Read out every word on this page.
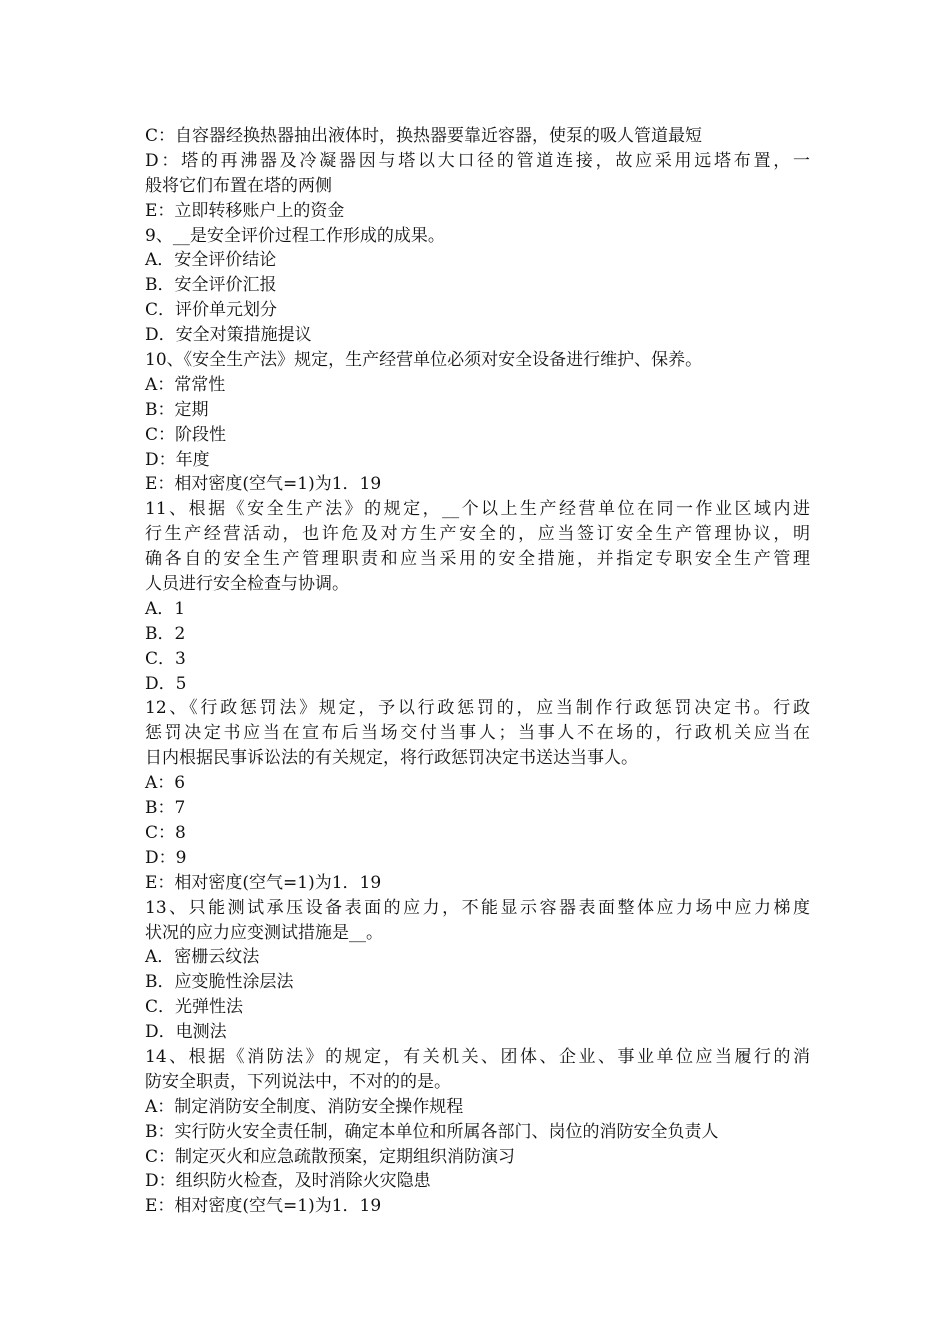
C：自容器经换热器抽出液体时，换热器要靠近容器，使泵的吸人管道最短
D：塔的再沸器及冷凝器因与塔以大口径的管道连接，故应采用远塔布置，一
般将它们布置在塔的两侧
E：立即转移账户上的资金
9、__是安全评价过程工作形成的成果。
A．安全评价结论
B．安全评价汇报
C．评价单元划分
D．安全对策措施提议
10、《安全生产法》规定，生产经营单位必须对安全设备进行维护、保养。
A：常常性
B：定期
C：阶段性
D：年度
E：相对密度(空气=1)为1．19
11、根据《安全生产法》的规定，__个以上生产经营单位在同一作业区域内进
行生产经营活动，也许危及对方生产安全的，应当签订安全生产管理协议，明
确各自的安全生产管理职责和应当采用的安全措施，并指定专职安全生产管理
人员进行安全检查与协调。
A．1
B．2
C．3
D．5
12、《行政惩罚法》规定，予以行政惩罚的，应当制作行政惩罚决定书。行政
惩罚决定书应当在宣布后当场交付当事人；当事人不在场的，行政机关应当在
日内根据民事诉讼法的有关规定，将行政惩罚决定书送达当事人。
A：6
B：7
C：8
D：9
E：相对密度(空气=1)为1．19
13、只能测试承压设备表面的应力，不能显示容器表面整体应力场中应力梯度
状况的应力应变测试措施是__。
A．密栅云纹法
B．应变脆性涂层法
C．光弹性法
D．电测法
14、根据《消防法》的规定，有关机关、团体、企业、事业单位应当履行的消
防安全职责，下列说法中，不对的的是。
A：制定消防安全制度、消防安全操作规程
B：实行防火安全责任制，确定本单位和所属各部门、岗位的消防安全负责人
C：制定灭火和应急疏散预案，定期组织消防演习
D：组织防火检查，及时消除火灾隐患
E：相对密度(空气=1)为1．19
